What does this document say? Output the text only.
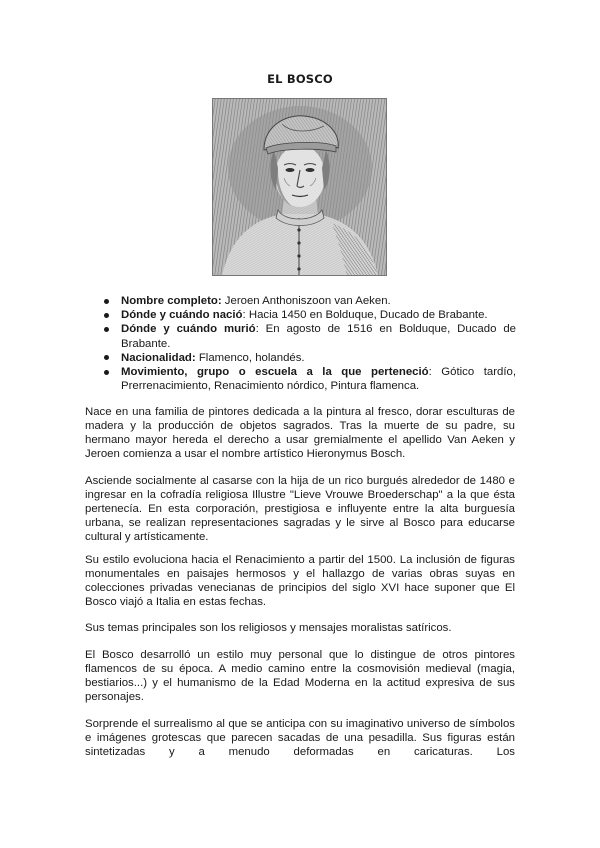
EL BOSCO
Nombre completo: Jeroen Anthoniszoon van Aeken.
Dónde y cuándo nació: Hacia 1450 en Bolduque, Ducado de Brabante.
Dónde y cuándo murió: En agosto de 1516 en Bolduque, Ducado de Brabante.
Nacionalidad: Flamenco, holandés.
Movimiento, grupo o escuela a la que perteneció: Gótico tardío, Prerrenacimiento, Renacimiento nórdico, Pintura flamenca.

Nace en una familia de pintores dedicada a la pintura al fresco, dorar esculturas de madera y la producción de objetos sagrados. Tras la muerte de su padre, su hermano mayor hereda el derecho a usar gremialmente el apellido Van Aeken y Jeroen comienza a usar el nombre artístico Hieronymus Bosch.

Asciende socialmente al casarse con la hija de un rico burgués alrededor de 1480 e ingresar en la cofradía religiosa Illustre "Lieve Vrouwe Broederschap" a la que ésta pertenecía. En esta corporación, prestigiosa e influyente entre la alta burguesía urbana, se realizan representaciones sagradas y le sirve al Bosco para educarse cultural y artísticamente.

Su estilo evoluciona hacia el Renacimiento a partir del 1500. La inclusión de figuras monumentales en paisajes hermosos y el hallazgo de varias obras suyas en colecciones privadas venecianas de principios del siglo XVI hace suponer que El Bosco viajó a Italia en estas fechas.

Sus temas principales son los religiosos y mensajes moralistas satíricos.

El Bosco desarrolló un estilo muy personal que lo distingue de otros pintores flamencos de su época. A medio camino entre la cosmovisión medieval (magia, bestiarios...) y el humanismo de la Edad Moderna en la actitud expresiva de sus personajes.

Sorprende el surrealismo al que se anticipa con su imaginativo universo de símbolos e imágenes grotescas que parecen sacadas de una pesadilla. Sus figuras están sintetizadas y a menudo deformadas en caricaturas. Los
